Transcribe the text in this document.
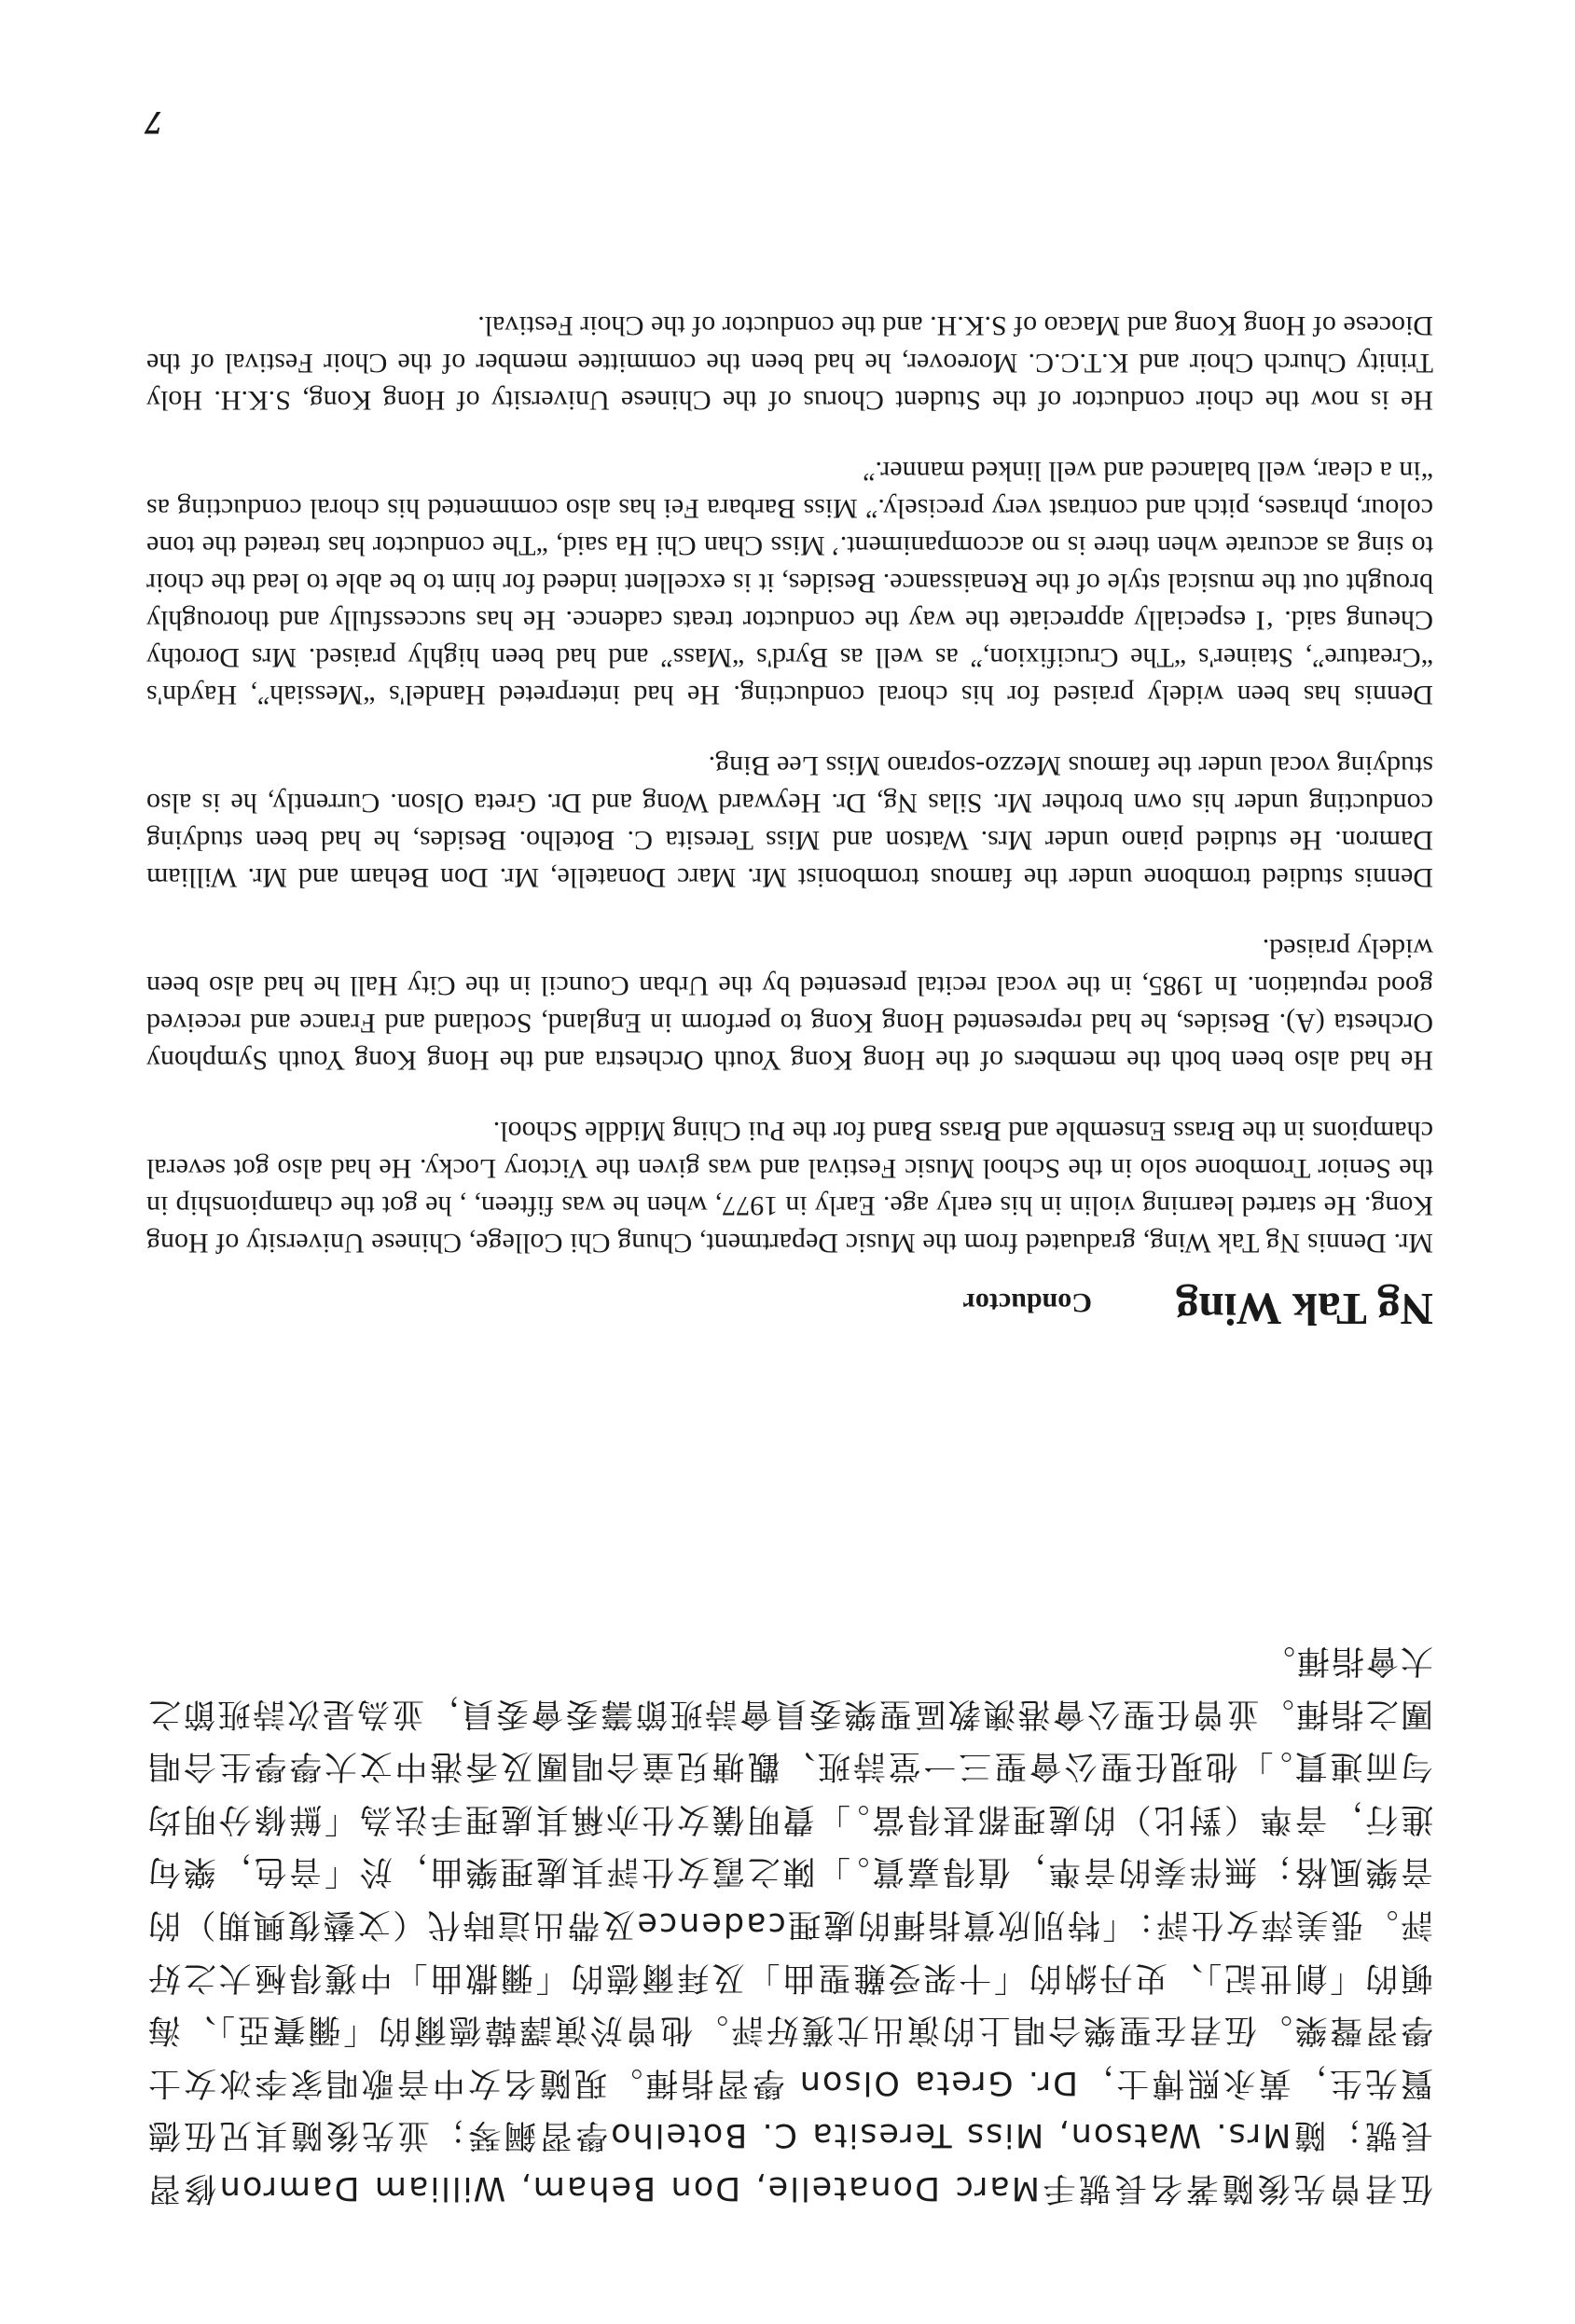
伍君曾先後隨著名長號手Marc Donatelle, Don Beham, William Damron修習長號；隨Mrs. Watson, Miss Teresita C. Botelho學習鋼琴；並先後隨其兄伍德賢先生，黃永熙博士，Dr. Greta Olson 學習指揮。現隨名女中音歌唱家李冰女士學習聲樂。伍君在聖樂合唱上的演出尤獲好評。他曾於演譯韓德爾的「彌賽亞」、海頓的「創世記」、史丹納的「十架受難聖曲」及拜爾德的「彌撒曲」中獲得極大之好評。張美萍女仕評：「特別欣賞指揮的處理cadence及帶出這時代（文藝復興期）的音樂風格；無伴奏的音準，值得嘉賞。」陳之霞女仕評其處理樂曲，於「音色，樂句進行，音準（對比）的處理都甚得當。」費明儀女仕亦稱其處理手法為「鮮條分明均勻而連貫。」他現任聖公會聖三一堂詩班、觀塘兒童合唱團及香港中文大學學生合唱團之指揮。並曾任聖公會港澳教區聖樂委員會詩班節籌委會委員，並為是次詩班節之大會指揮。

Ng Tak Wing
Conductor

Mr. Dennis Ng Tak Wing, graduated from the Music Department, Chung Chi College, Chinese University of Hong Kong. He started learning violin in his early age. Early in 1977, when he was fifteen, , he got the championship in the Senior Trombone solo in the School Music Festival and was given the Victory Locky. He had also got several champions in the Brass Ensemble and Brass Band for the Pui Ching Middle School.

He had also been both the members of the Hong Kong Youth Orchestra and the Hong Kong Youth Symphony Orchesta (A). Besides, he had represented Hong Kong to perform in England, Scotland and France and received good reputation. In 1985, in the vocal recital presented by the Urban Council in the City Hall he had also been widely praised.

Dennis studied trombone under the famous trombonist Mr. Marc Donatelle, Mr. Don Beham and Mr. William Damron. He studied piano under Mrs. Watson and Miss Teresita C. Botelho. Besides, he had been studying conducting under his own brother Mr. Silas Ng, Dr. Heyward Wong and Dr. Greta Olson. Currently, he is also studying vocal under the famous Mezzo-soprano Miss Lee Bing.

Dennis has been widely praised for his choral conducting. He had interpreted Handel's “Messiah”, Haydn's “Creature”, Stainer's “The Crucifixion,” as well as Byrd's “Mass” and had been highly praised. Mrs Dorothy Cheung said. ‘I especially appreciate the way the conductor treats cadence. He has successfully and thoroughly brought out the musical style of the Renaissance. Besides, it is excellent indeed for him to be able to lead the choir to sing as accurate when there is no accompaniment.’ Miss Chan Chi Ha said, “The conductor has treated the tone colour, phrases, pitch and contrast very precisely.” Miss Barbara Fei has also commented his choral conducting as “in a clear, well balanced and well linked manner.”

He is now the choir conductor of the Student Chorus of the Chinese University of Hong Kong, S.K.H. Holy Trinity Church Choir and K.T.C.C. Moreover, he had been the committee member of the Choir Festival of the Diocese of Hong Kong and Macao of S.K.H. and the conductor of the Choir Festival.

7
